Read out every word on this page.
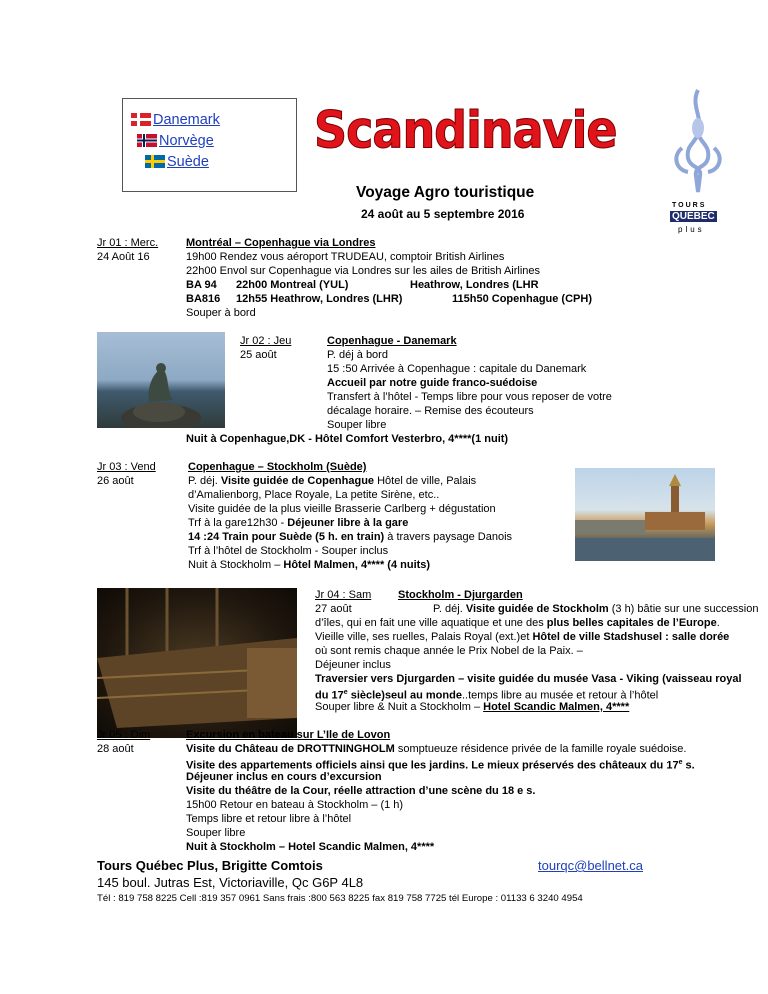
Danemark
Norvège
Suède
Scandinavie
TOURS
QUÉBEC
plus
Voyage Agro touristique
24 août au 5 septembre 2016
Jr 01 : Merc.
24 Août 16
Montréal – Copenhague via Londres
19h00 Rendez vous aéroport TRUDEAU, comptoir British Airlines
22h00 Envol sur Copenhague via Londres sur les ailes de British Airlines
BA 94 22h00 Montreal (YUL)	Heathrow, Londres (LHR
BA816 12h55 Heathrow, Londres (LHR)	115h50 Copenhague (CPH)
Souper à bord
Jr 02 : Jeu
25 août
Copenhague - Danemark
P. déj à bord
15 :50 Arrivée à Copenhague : capitale du Danemark
Accueil par notre guide franco-suédoise
Transfert à l’hôtel - Temps libre pour vous reposer de votre
décalage horaire. – Remise des écouteurs
Souper libre
Nuit à Copenhague,DK - Hôtel Comfort Vesterbro, 4****(1 nuit)
Jr 03 : Vend
26 août
Copenhague – Stockholm (Suède)
P. déj. Visite guidée de Copenhague Hôtel de ville, Palais
d’Amalienborg, Place Royale, La petite Sirène, etc..
Visite guidée de la plus vieille Brasserie Carlberg + dégustation
Trf à la gare12h30 - Déjeuner libre à la gare
14 :24 Train pour Suède (5 h. en train) à travers paysage Danois
Trf à l’hôtel de Stockholm - Souper inclus
Nuit à Stockholm – Hôtel Malmen, 4**** (4 nuits)
Jr 04 : Sam Stockholm - Djurgarden
27 août	P. déj. Visite guidée de Stockholm (3 h) bâtie sur une succession
d’îles, qui en fait une ville aquatique et une des plus belles capitales de l’Europe.
Vieille ville, ses ruelles, Palais Royal (ext.)et Hôtel de ville Stadshusel : salle dorée
où sont remis chaque année le Prix Nobel de la Paix. –
Déjeuner inclus
Traversier vers Djurgarden – visite guidée du musée Vasa - Viking (vaisseau royal
du 17e siècle)seul au monde..temps libre au musée et retour à l’hôtel
Souper libre & Nuit a Stockholm – Hotel Scandic Malmen, 4****
Jr 05 : Dim
28 août
Excursion en bateau sur L’Ile de Lovon
Visite du Château de DROTTNINGHOLM somptueuze résidence privée de la famille royale suédoise.
Visite des appartements officiels ainsi que les jardins. Le mieux préservés des châteaux du 17e s.
Déjeuner inclus en cours d’excursion
Visite du théâtre de la Cour, réelle attraction d’une scène du 18 e s.
15h00 Retour en bateau à Stockholm – (1 h)
Temps libre et retour libre à l’hôtel
Souper libre
Nuit à Stockholm – Hotel Scandic Malmen, 4****
Tours Québec Plus, Brigitte Comtois	tourqc@bellnet.ca
145 boul. Jutras Est, Victoriaville, Qc G6P 4L8
Tél : 819 758 8225 Cell :819 357 0961 Sans frais :800 563 8225 fax 819 758 7725 tél Europe : 01133 6 3240 4954
